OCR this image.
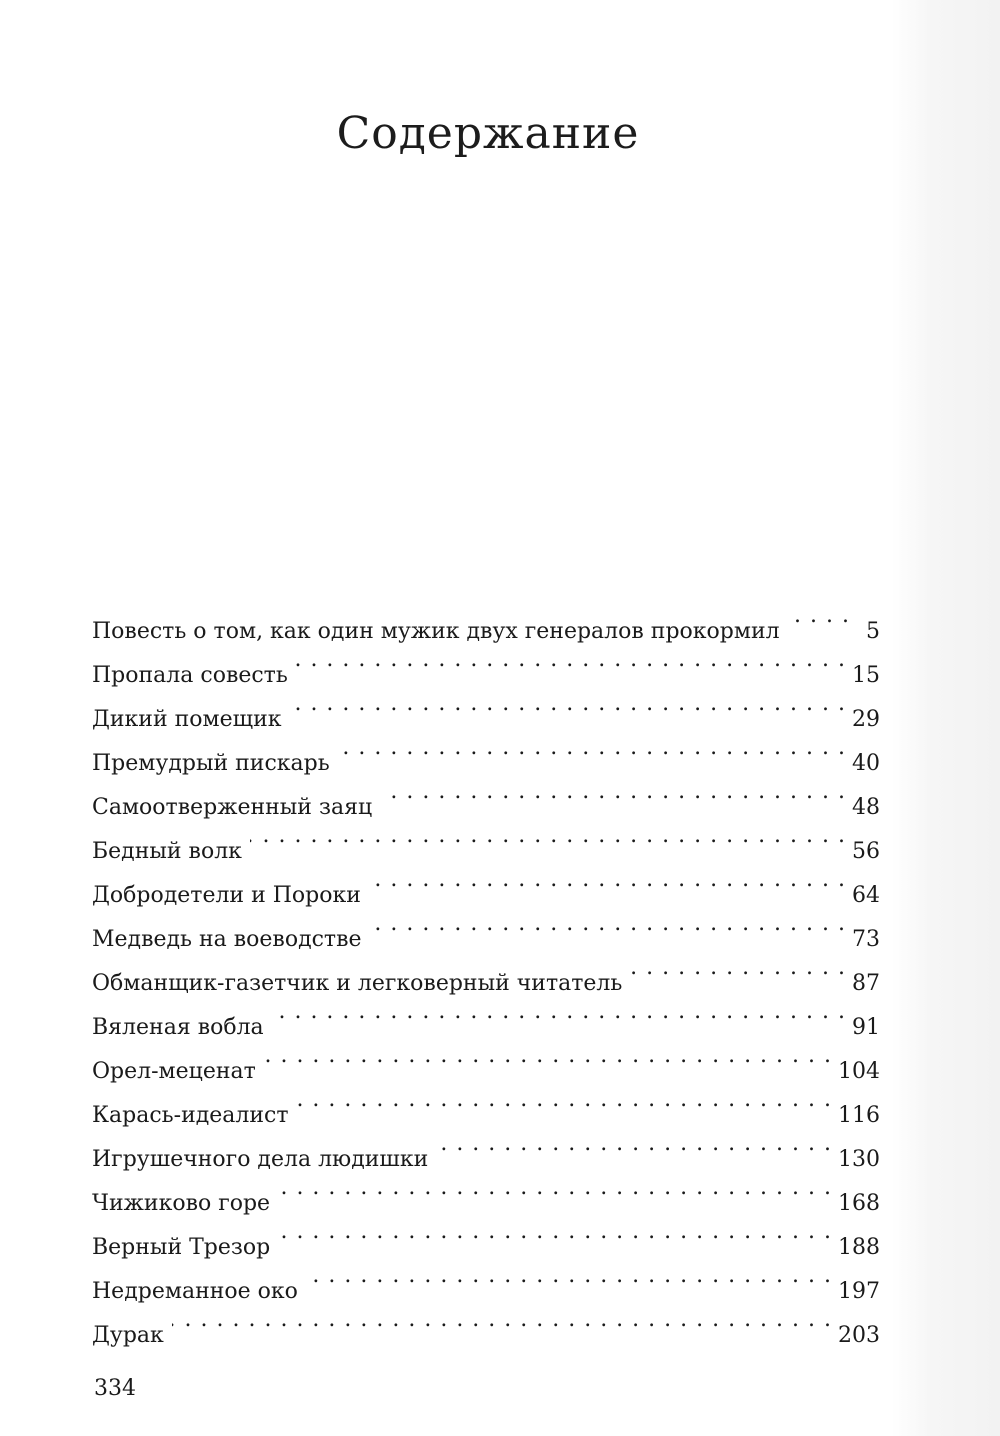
Содержание
Повесть о том, как один мужик двух генералов прокормил . . .	5
Пропала совесть . . .	15
Дикий помещик . . .	29
Премудрый пискарь . . .	40
Самоотверженный заяц . . .	48
Бедный волк . . .	56
Добродетели и Пороки . . .	64
Медведь на воеводстве . . .	73
Обманщик-газетчик и легковерный читатель . . .	87
Вяленая вобла . . .	91
Орел-меценат . . .	104
Карась-идеалист . . .	116
Игрушечного дела людишки . . .	130
Чижиково горе . . .	168
Верный Трезор . . .	188
Недреманное око . . .	197
Дурак . . .	203

334
